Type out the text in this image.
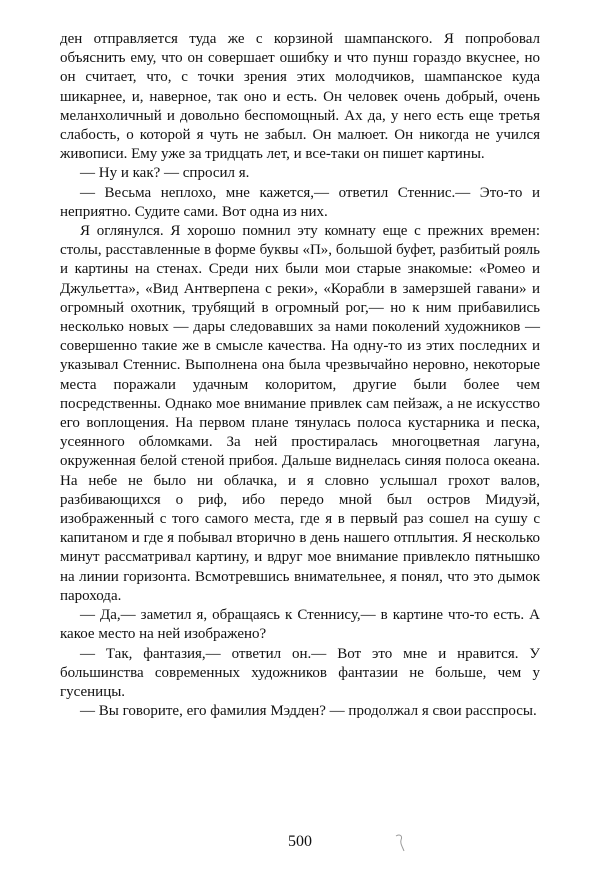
ден отправляется туда же с корзиной шампанского. Я попробовал объяснить ему, что он совершает ошибку и что пунш гораздо вкуснее, но он считает, что, с точки зрения этих молодчиков, шампанское куда шикарнее, и, наверное, так оно и есть. Он человек очень добрый, очень меланхоличный и довольно беспомощный. Ах да, у него есть еще третья слабость, о которой я чуть не забыл. Он малюет. Он никогда не учился живописи. Ему уже за тридцать лет, и все-таки он пишет картины.

— Ну и как? — спросил я.

— Весьма неплохо, мне кажется,— ответил Стеннис.— Это-то и неприятно. Судите сами. Вот одна из них.

Я оглянулся. Я хорошо помнил эту комнату еще с прежних времен: столы, расставленные в форме буквы «П», большой буфет, разбитый рояль и картины на стенах. Среди них были мои старые знакомые: «Ромео и Джульетта», «Вид Антверпена с реки», «Корабли в замерзшей гавани» и огромный охотник, трубящий в огромный рог,— но к ним прибавились несколько новых — дары следовавших за нами поколений художников — совершенно такие же в смысле качества. На одну-то из этих последних и указывал Стеннис. Выполнена она была чрезвычайно неровно, некоторые места поражали удачным колоритом, другие были более чем посредственны. Однако мое внимание привлек сам пейзаж, а не искусство его воплощения. На первом плане тянулась полоса кустарника и песка, усеянного обломками. За ней простиралась многоцветная лагуна, окруженная белой стеной прибоя. Дальше виднелась синяя полоса океана. На небе не было ни облачка, и я словно услышал грохот валов, разбивающихся о риф, ибо передо мной был остров Мидуэй, изображенный с того самого места, где я в первый раз сошел на сушу с капитаном и где я побывал вторично в день нашего отплытия. Я несколько минут рассматривал картину, и вдруг мое внимание привлекло пятнышко на линии горизонта. Всмотревшись внимательнее, я понял, что это дымок парохода.

— Да,— заметил я, обращаясь к Стеннису,— в картине что-то есть. А какое место на ней изображено?

— Так, фантазия,— ответил он.— Вот это мне и нравится. У большинства современных художников фантазии не больше, чем у гусеницы.

— Вы говорите, его фамилия Мэдден? — продолжал я свои расспросы.

500
